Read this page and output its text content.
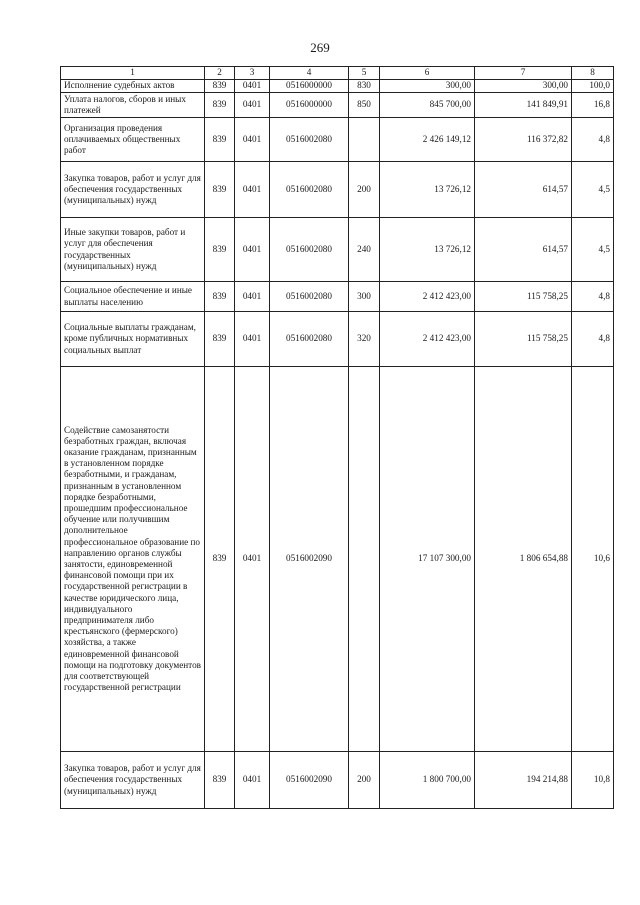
269
1	2	3	4	5	6	7	8
Исполнение судебных актов	839	0401	0516000000	830	300,00	300,00	100,0
Уплата налогов, сборов и иных платежей	839	0401	0516000000	850	845 700,00	141 849,91	16,8
Организация проведения оплачиваемых общественных работ	839	0401	0516002080		2 426 149,12	116 372,82	4,8
Закупка товаров, работ и услуг для обеспечения государственных (муниципальных) нужд	839	0401	0516002080	200	13 726,12	614,57	4,5
Иные закупки товаров, работ и услуг для обеспечения государственных (муниципальных) нужд	839	0401	0516002080	240	13 726,12	614,57	4,5
Социальное обеспечение и иные выплаты населению	839	0401	0516002080	300	2 412 423,00	115 758,25	4,8
Социальные выплаты гражданам, кроме публичных нормативных социальных выплат	839	0401	0516002080	320	2 412 423,00	115 758,25	4,8
Содействие самозанятости безработных граждан, включая оказание гражданам, признанным в установленном порядке безработными, и гражданам, признанным в установленном порядке безработными, прошедшим профессиональное обучение или получившим дополнительное профессиональное образование по направлению органов службы занятости, единовременной финансовой помощи при их государственной регистрации в качестве юридического лица, индивидуального предпринимателя либо крестьянского (фермерского) хозяйства, а также единовременной финансовой помощи на подготовку документов для соответствующей государственной регистрации	839	0401	0516002090		17 107 300,00	1 806 654,88	10,6
Закупка товаров, работ и услуг для обеспечения государственных (муниципальных) нужд	839	0401	0516002090	200	1 800 700,00	194 214,88	10,8
